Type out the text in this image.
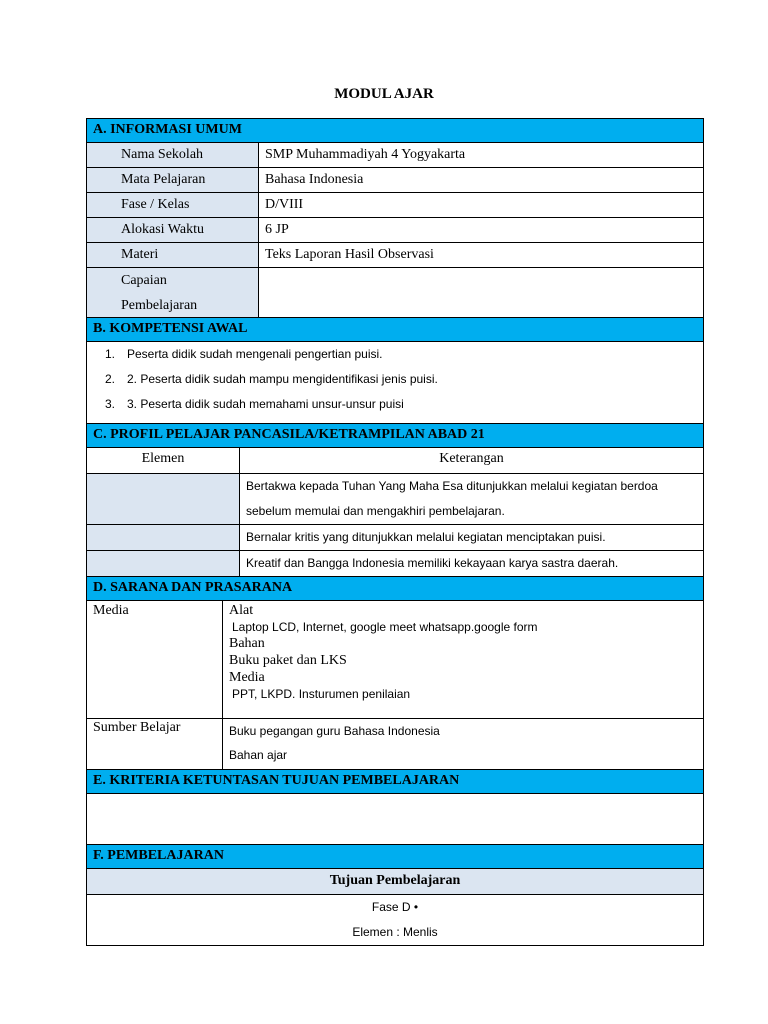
MODUL AJAR
A. INFORMASI UMUM
Nama Sekolah	SMP Muhammadiyah 4 Yogyakarta
Mata Pelajaran	Bahasa Indonesia
Fase / Kelas	D/VIII
Alokasi Waktu	6 JP
Materi	Teks Laporan Hasil Observasi
Capaian
Pembelajaran
B. KOMPETENSI AWAL
1.	Peserta didik sudah mengenali pengertian puisi.
2.	2. Peserta didik sudah mampu mengidentifikasi jenis puisi.
3.	3. Peserta didik sudah memahami unsur-unsur puisi
C. PROFIL PELAJAR PANCASILA/KETRAMPILAN ABAD 21
Elemen	Keterangan
Bertakwa kepada Tuhan Yang Maha Esa ditunjukkan melalui kegiatan berdoa
sebelum memulai dan mengakhiri pembelajaran.
Bernalar kritis yang ditunjukkan melalui kegiatan menciptakan puisi.
Kreatif dan Bangga Indonesia memiliki kekayaan karya sastra daerah.
D. SARANA DAN PRASARANA
Media	Alat
Laptop LCD, Internet, google meet whatsapp.google form
Bahan
Buku paket dan LKS
Media
PPT, LKPD. Insturumen penilaian
Sumber Belajar	Buku pegangan guru Bahasa Indonesia
Bahan ajar
E. KRITERIA KETUNTASAN TUJUAN PEMBELAJARAN
F. PEMBELAJARAN
Tujuan Pembelajaran
Fase D •
Elemen : Menlis
